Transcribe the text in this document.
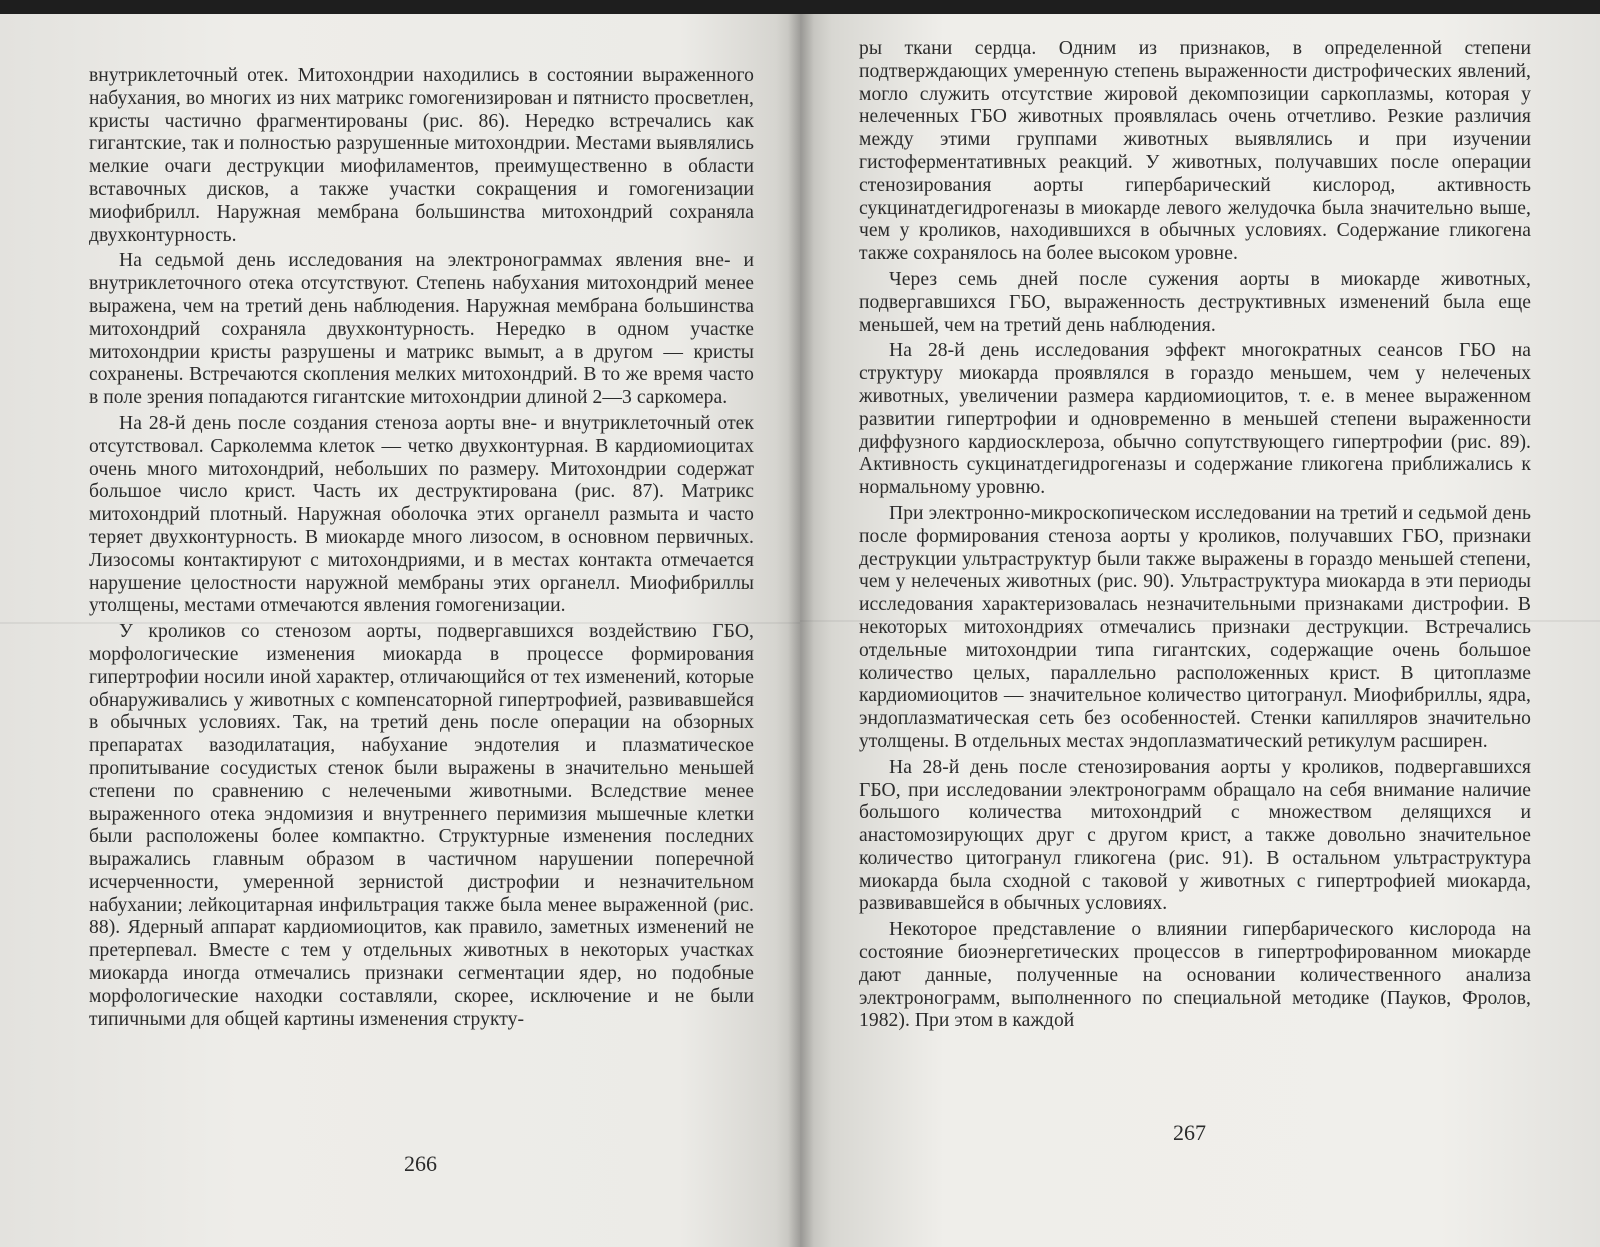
внутриклеточный отек. Митохондрии находились в состоянии выраженного набухания, во многих из них матрикс гомогенизирован и пятнисто просветлен, кристы частично фрагментированы (рис. 86). Нередко встречались как гигантские, так и полностью разрушенные митохондрии. Местами выявлялись мелкие очаги деструкции миофиламентов, преимущественно в области вставочных дисков, а также участки сокращения и гомогенизации миофибрилл. Наружная мембрана большинства митохондрий сохраняла двухконтурность.

На седьмой день исследования на электронограммах явления вне- и внутриклеточного отека отсутствуют. Степень набухания митохондрий менее выражена, чем на третий день наблюдения. Наружная мембрана большинства митохондрий сохраняла двухконтурность. Нередко в одном участке митохондрии кристы разрушены и матрикс вымыт, а в другом — кристы сохранены. Встречаются скопления мелких митохондрий. В то же время часто в поле зрения попадаются гигантские митохондрии длиной 2—3 саркомера.

На 28-й день после создания стеноза аорты вне- и внутриклеточный отек отсутствовал. Сарколемма клеток — четко двухконтурная. В кардиомиоцитах очень много митохондрий, небольших по размеру. Митохондрии содержат большое число крист. Часть их деструктирована (рис. 87). Матрикс митохондрий плотный. Наружная оболочка этих органелл размыта и часто теряет двухконтурность. В миокарде много лизосом, в основном первичных. Лизосомы контактируют с митохондриями, и в местах контакта отмечается нарушение целостности наружной мембраны этих органелл. Миофибриллы утолщены, местами отмечаются явления гомогенизации.

У кроликов со стенозом аорты, подвергавшихся воздействию ГБО, морфологические изменения миокарда в процессе формирования гипертрофии носили иной характер, отличающийся от тех изменений, которые обнаруживались у животных с компенсаторной гипертрофией, развивавшейся в обычных условиях. Так, на третий день после операции на обзорных препаратах вазодилатация, набухание эндотелия и плазматическое пропитывание сосудистых стенок были выражены в значительно меньшей степени по сравнению с нелечеными животными. Вследствие менее выраженного отека эндомизия и внутреннего перимизия мышечные клетки были расположены более компактно. Структурные изменения последних выражались главным образом в частичном нарушении поперечной исчерченности, умеренной зернистой дистрофии и незначительном набухании; лейкоцитарная инфильтрация также была менее выраженной (рис. 88). Ядерный аппарат кардиомиоцитов, как правило, заметных изменений не претерпевал. Вместе с тем у отдельных животных в некоторых участках миокарда иногда отмечались признаки сегментации ядер, но подобные морфологические находки составляли, скорее, исключение и не были типичными для общей картины изменения структу-

266

ры ткани сердца. Одним из признаков, в определенной степени подтверждающих умеренную степень выраженности дистрофических явлений, могло служить отсутствие жировой декомпозиции саркоплазмы, которая у нелеченных ГБО животных проявлялась очень отчетливо. Резкие различия между этими группами животных выявлялись и при изучении гистоферментативных реакций. У животных, получавших после операции стенозирования аорты гипербарический кислород, активность сукцинатдегидрогеназы в миокарде левого желудочка была значительно выше, чем у кроликов, находившихся в обычных условиях. Содержание гликогена также сохранялось на более высоком уровне.

Через семь дней после сужения аорты в миокарде животных, подвергавшихся ГБО, выраженность деструктивных изменений была еще меньшей, чем на третий день наблюдения.

На 28-й день исследования эффект многократных сеансов ГБО на структуру миокарда проявлялся в гораздо меньшем, чем у нелеченых животных, увеличении размера кардиомиоцитов, т. е. в менее выраженном развитии гипертрофии и одновременно в меньшей степени выраженности диффузного кардиосклероза, обычно сопутствующего гипертрофии (рис. 89). Активность сукцинатдегидрогеназы и содержание гликогена приближались к нормальному уровню.

При электронно-микроскопическом исследовании на третий и седьмой день после формирования стеноза аорты у кроликов, получавших ГБО, признаки деструкции ультраструктур были также выражены в гораздо меньшей степени, чем у нелеченых животных (рис. 90). Ультраструктура миокарда в эти периоды исследования характеризовалась незначительными признаками дистрофии. В некоторых митохондриях отмечались признаки деструкции. Встречались отдельные митохондрии типа гигантских, содержащие очень большое количество целых, параллельно расположенных крист. В цитоплазме кардиомиоцитов — значительное количество цитогранул. Миофибриллы, ядра, эндоплазматическая сеть без особенностей. Стенки капилляров значительно утолщены. В отдельных местах эндоплазматический ретикулум расширен.

На 28-й день после стенозирования аорты у кроликов, подвергавшихся ГБО, при исследовании электронограмм обращало на себя внимание наличие большого количества митохондрий с множеством делящихся и анастомозирующих друг с другом крист, а также довольно значительное количество цитогранул гликогена (рис. 91). В остальном ультраструктура миокарда была сходной с таковой у животных с гипертрофией миокарда, развивавшейся в обычных условиях.

Некоторое представление о влиянии гипербарического кислорода на состояние биоэнергетических процессов в гипертрофированном миокарде дают данные, полученные на основании количественного анализа электронограмм, выполненного по специальной методике (Пауков, Фролов, 1982). При этом в каждой

267
